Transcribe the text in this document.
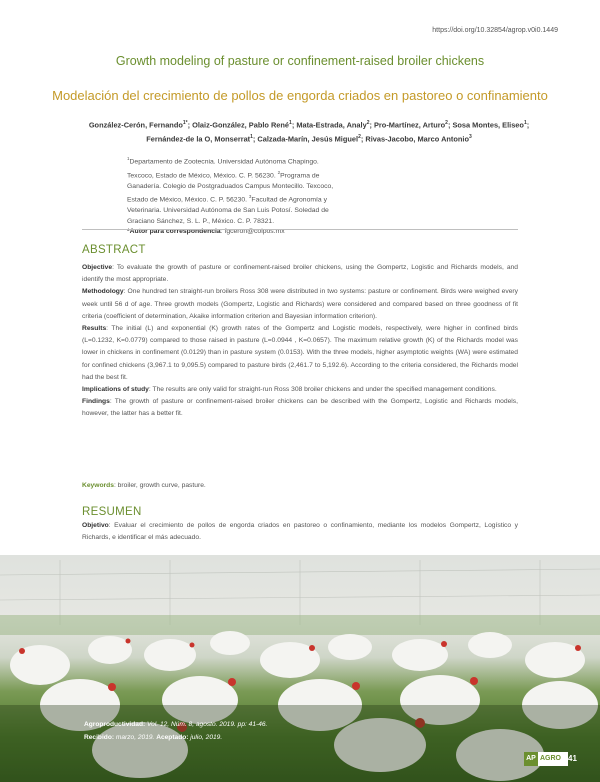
https://doi.org/10.32854/agrop.v0i0.1449
Growth modeling of pasture or confinement-raised broiler chickens
Modelación del crecimiento de pollos de engorda criados en pastoreo o confinamiento
González-Cerón, Fernando$^{1*}$; Olaiz-González, Pablo René$^1$; Mata-Estrada, Analy$^2$; Pro-Martínez, Arturo$^2$; Sosa Montes, Eliseo$^1$; Fernández-de la O, Monserrat$^1$; Calzada-Marín, Jesús Miguel$^2$; Rivas-Jacobo, Marco Antonio$^3$
$^1$Departamento de Zootecnia. Universidad Autónoma Chapingo. Texcoco, Estado de México, México. C. P. 56230. $^2$Programa de Ganadería. Colegio de Postgraduados Campus Montecillo. Texcoco, Estado de México, México. C. P. 56230. $^3$Facultad de Agronomía y Veterinaria. Universidad Autónoma de San Luis Potosí. Soledad de Graciano Sánchez, S. L. P., México. C. P. 78321.
*Autor para correspondencia: fgceron@colpos.mx
ABSTRACT
Objective: To evaluate the growth of pasture or confinement-raised broiler chickens, using the Gompertz, Logistic and Richards models, and identify the most appropriate.
Methodology: One hundred ten straight-run broilers Ross 308 were distributed in two systems: pasture or confinement. Birds were weighed every week until 56 d of age. Three growth models (Gompertz, Logistic and Richards) were considered and compared based on three goodness of fit criteria (coefficient of determination, Akaike information criterion and Bayesian information criterion).
Results: The initial (L) and exponential (K) growth rates of the Gompertz and Logistic models, respectively, were higher in confined birds (L=0.1232, K=0.0779) compared to those raised in pasture (L=0.0944 , K=0.0657). The maximum relative growth (K) of the Richards model was lower in chickens in confinement (0.0129) than in pasture system (0.0153). With the three models, higher asymptotic weights (WA) were estimated for confined chickens (3,967.1 to 9,095.5) compared to pasture birds (2,461.7 to 5,192.6). According to the criteria considered, the Richards model had the best fit.
Implications of study: The results are only valid for straight-run Ross 308 broiler chickens and under the specified management conditions.
Findings: The growth of pasture or confinement-raised broiler chickens can be described with the Gompertz, Logistic and Richards models, however, the latter has a better fit.
Keywords: broiler, growth curve, pasture.
RESUMEN
Objetivo: Evaluar el crecimiento de pollos de engorda criados en pastoreo o confinamiento, mediante los modelos Gompertz, Logístico y Richards, e identificar el más adecuado.
Agroproductividad: Vol. 12, Núm. 8, agosto. 2019. pp: 41-46.
Recibido: marzo, 2019. Aceptado: julio, 2019.
AP AGRO 41
